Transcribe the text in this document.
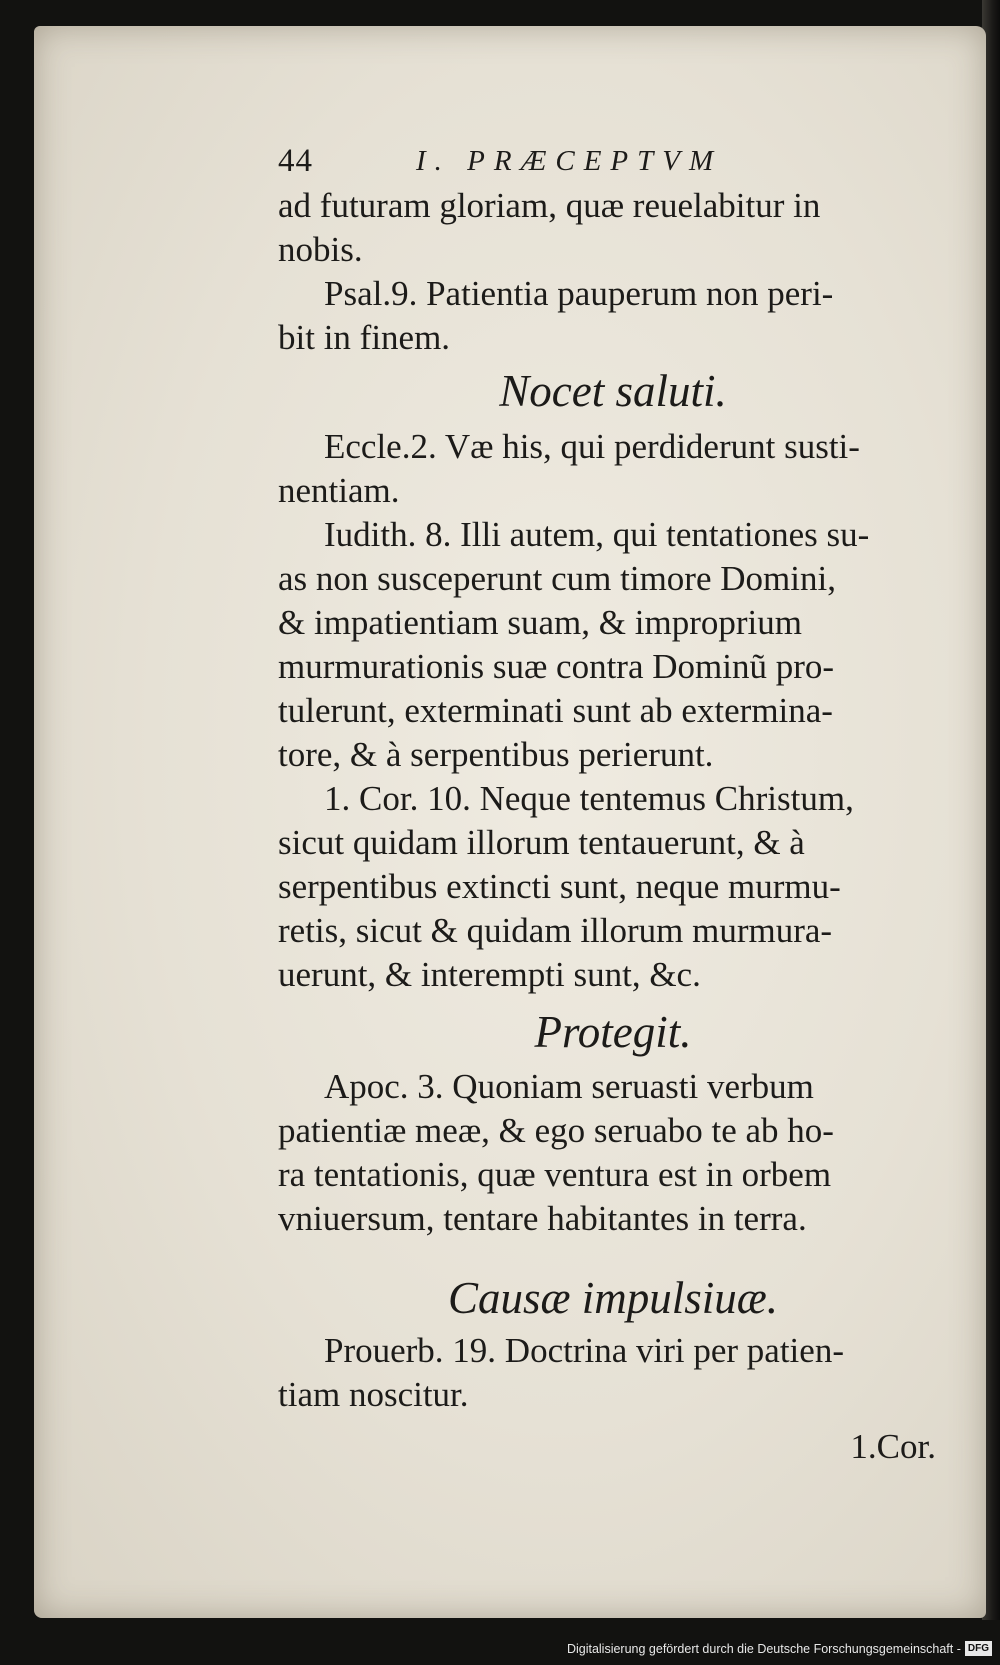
44	I. PRÆCEPTVM
ad futuram gloriam, quæ reuelabitur in
nobis.
Psal.9. Patientia pauperum non peri-
bit in finem.
Nocet saluti.
Eccle.2. Væ his, qui perdiderunt susti-
nentiam.
Iudith. 8. Illi autem, qui tentationes su-
as non susceperunt cum timore Domini,
& impatientiam suam, & improprium
murmurationis suæ contra Dominũ pro-
tulerunt, exterminati sunt ab extermina-
tore, & à serpentibus perierunt.
1. Cor. 10. Neque tentemus Christum,
sicut quidam illorum tentauerunt, & à
serpentibus extincti sunt, neque murmu-
retis, sicut & quidam illorum murmura-
uerunt, & interempti sunt, &c.
Protegit.
Apoc. 3. Quoniam seruasti verbum
patientiæ meæ, & ego seruabo te ab ho-
ra tentationis, quæ ventura est in orbem
vniuersum, tentare habitantes in terra.
Causæ impulsiuæ.
Prouerb. 19. Doctrina viri per patien-
tiam noscitur.
1.Cor.
Digitalisierung gefördert durch die Deutsche Forschungsgemeinschaft - DFG
